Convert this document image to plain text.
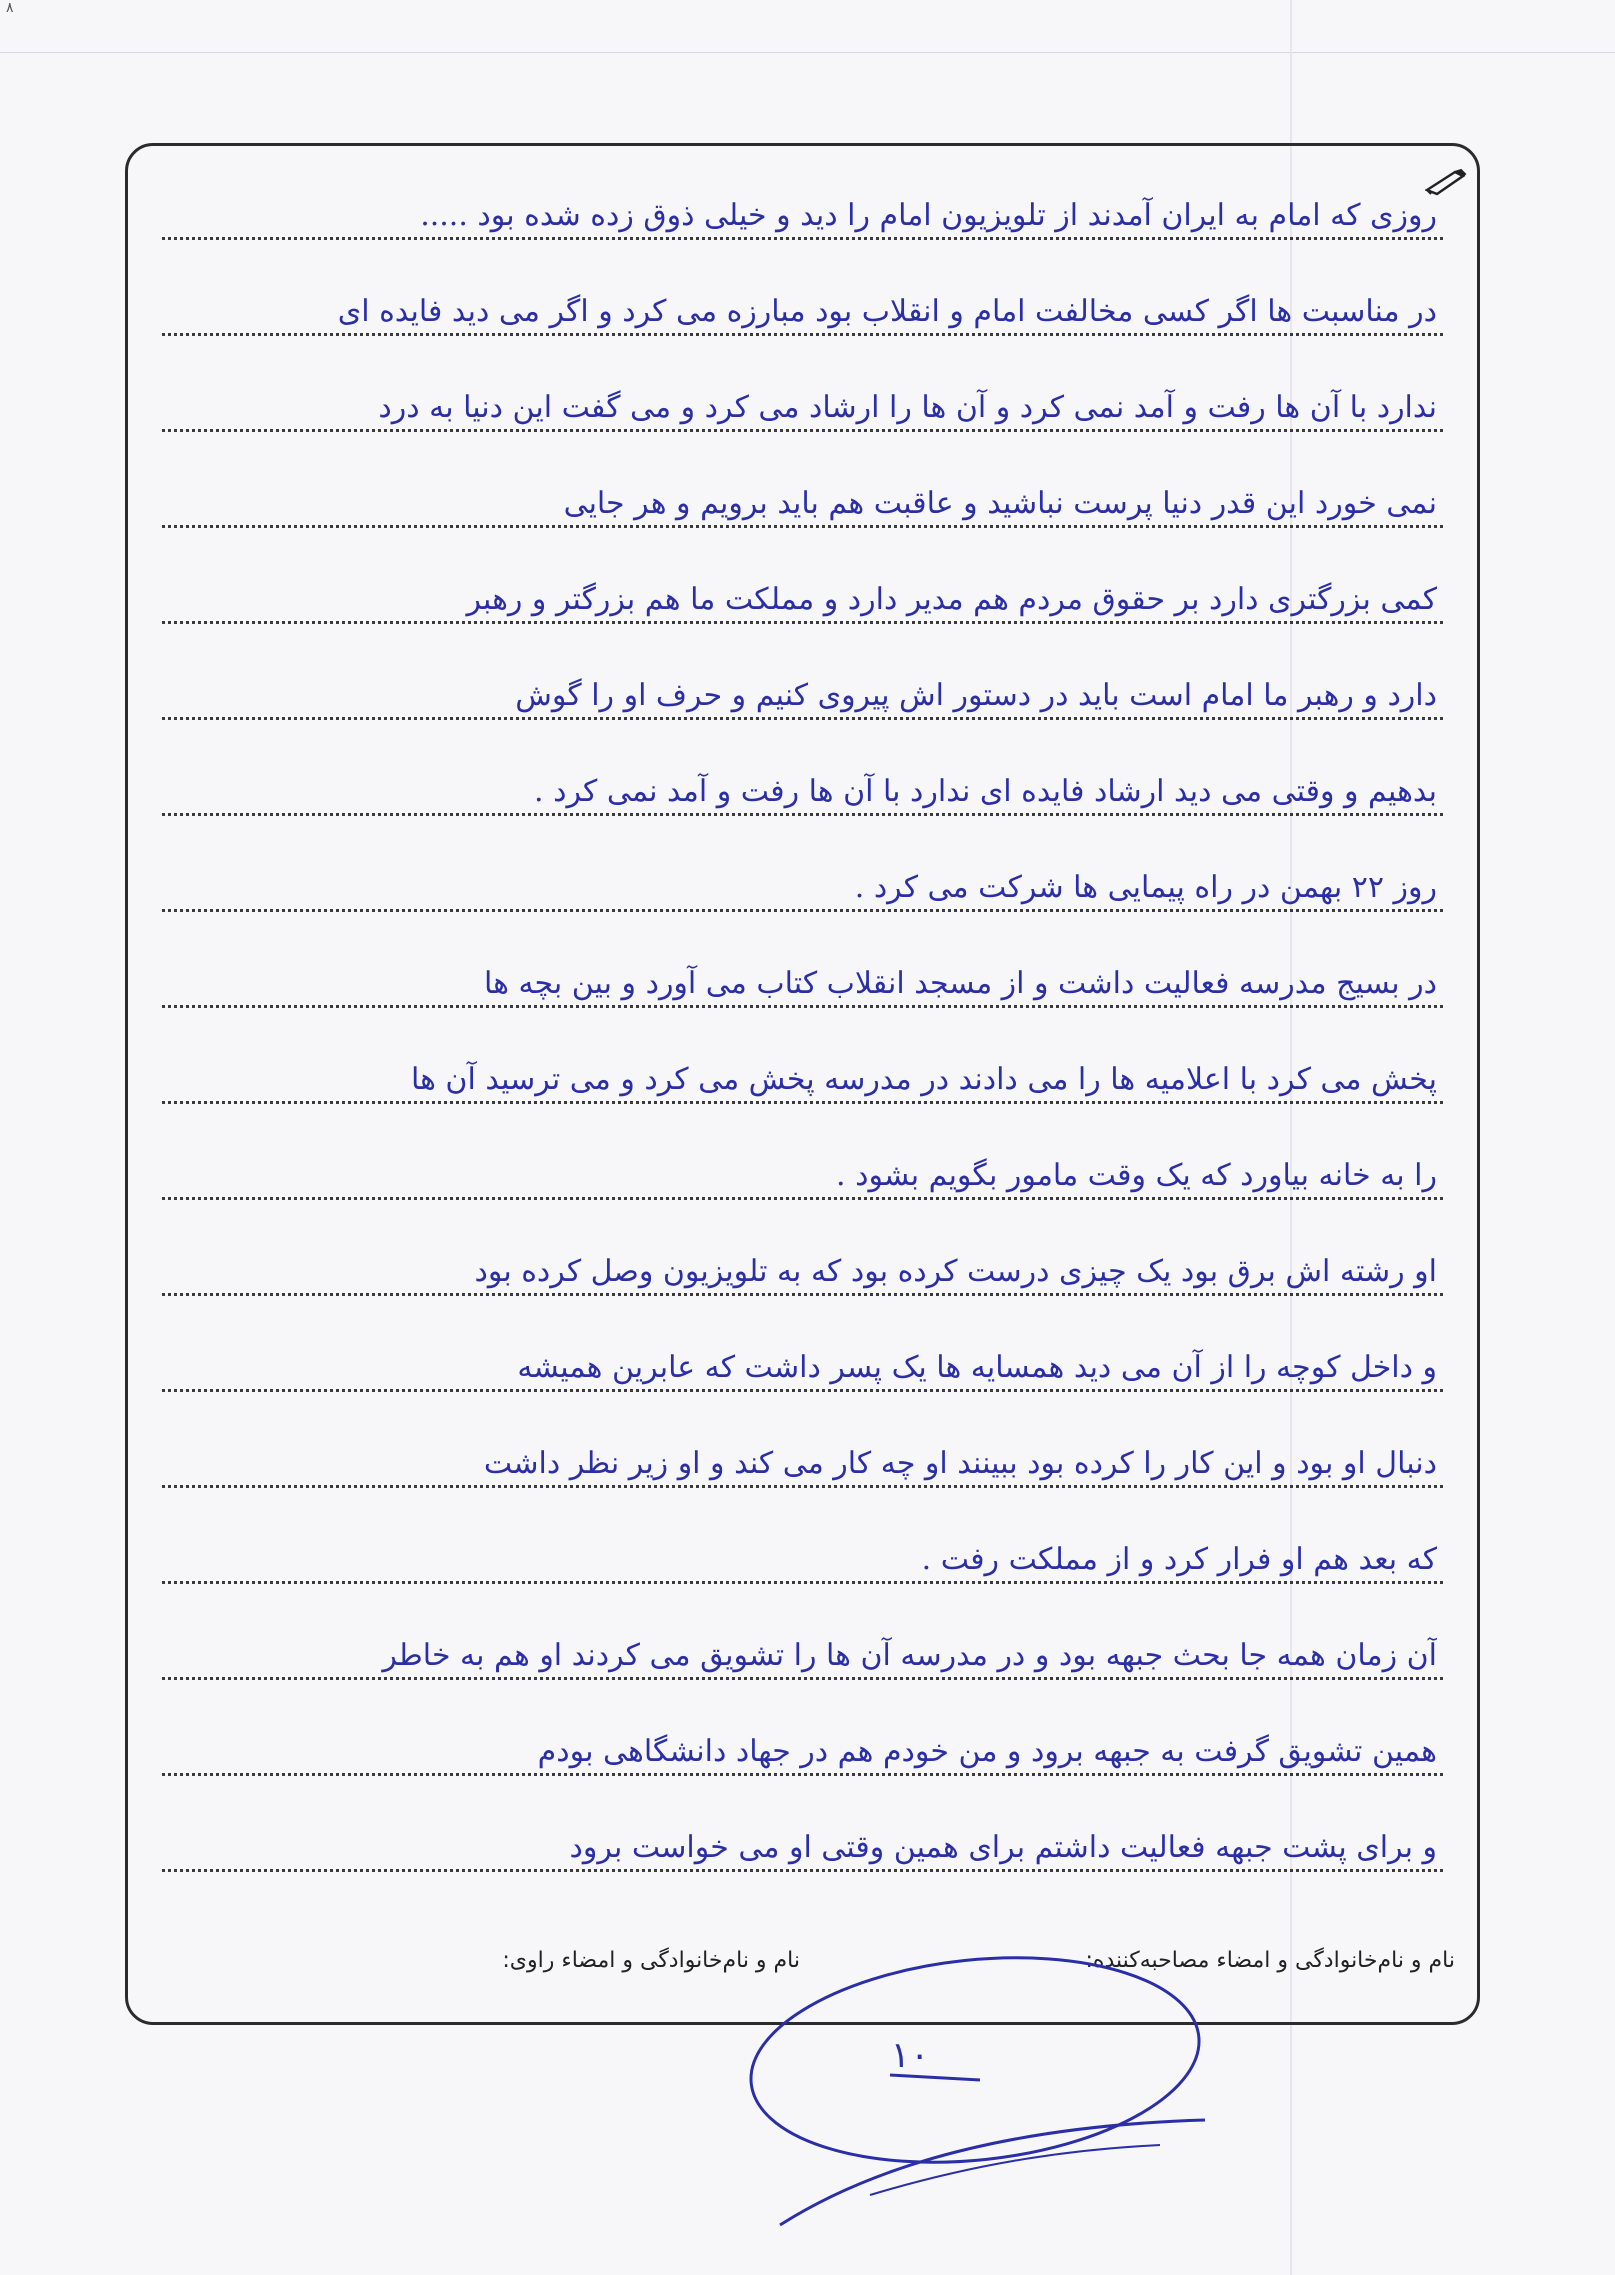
۸
روزی که امام به ایران آمدند از تلویزیون امام را دید و خیلی ذوق زده شده بود .....
در مناسبت ها اگر کسی مخالفت امام و انقلاب بود مبارزه می کرد و اگر می دید فایده ای
ندارد با آن ها رفت و آمد نمی کرد و آن ها را ارشاد می کرد و می گفت این دنیا به درد
نمی خورد این قدر دنیا پرست نباشید و عاقبت هم باید برویم و هر جایی
کمی بزرگتری دارد بر حقوق مردم هم مدیر دارد و مملکت ما هم بزرگتر و رهبر
دارد و رهبر ما امام است باید در دستور اش پیروی کنیم و حرف او را گوش
بدهیم و وقتی می دید ارشاد فایده ای ندارد با آن ها رفت و آمد نمی کرد .
روز ۲۲ بهمن در راه پیمایی ها شرکت می کرد .
در بسیج مدرسه فعالیت داشت و از مسجد انقلاب کتاب می آورد و بین بچه ها
پخش می کرد با اعلامیه ها را می دادند در مدرسه پخش می کرد و می ترسید آن ها
را به خانه بیاورد که یک وقت مامور بگویم بشود .
او رشته اش برق بود یک چیزی درست کرده بود که به تلویزیون وصل کرده بود
و داخل کوچه را از آن می دید همسایه ها یک پسر داشت که عابرین همیشه
دنبال او بود و این کار را کرده بود ببینند او چه کار می کند و او زیر نظر داشت
که بعد هم او فرار کرد و از مملکت رفت .
آن زمان همه جا بحث جبهه بود و در مدرسه آن ها را تشویق می کردند او هم به خاطر
همین تشویق گرفت به جبهه برود و من خودم هم در جهاد دانشگاهی بودم
و برای پشت جبهه فعالیت داشتم برای همین وقتی او می خواست برود
نام و نام‌خانوادگی و امضاء مصاحبه‌کننده:
نام و نام‌خانوادگی و امضاء راوی:
۱۰
